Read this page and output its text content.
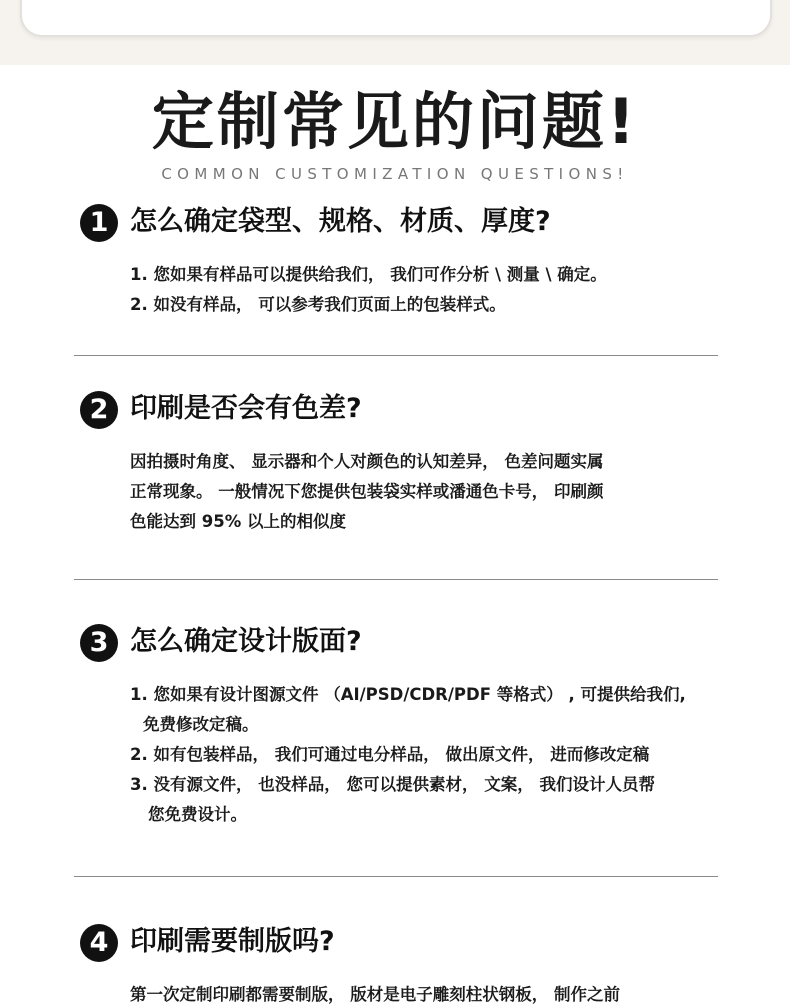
定制常见的问题!
COMMON CUSTOMIZATION QUESTIONS!
1 怎么确定袋型、规格、材质、厚度?
1. 您如果有样品可以提供给我们， 我们可作分析 \ 测量 \ 确定。
2. 如没有样品， 可以参考我们页面上的包装样式。
2 印刷是否会有色差?
因拍摄时角度、 显示器和个人对颜色的认知差异， 色差问题实属
正常现象。 一般情况下您提供包装袋实样或潘通色卡号， 印刷颜
色能达到 95% 以上的相似度
3 怎么确定设计版面?
1. 您如果有设计图源文件 （AI/PSD/CDR/PDF 等格式） , 可提供给我们,
免费修改定稿。
2. 如有包装样品， 我们可通过电分样品， 做出原文件， 进而修改定稿
3. 没有源文件， 也没样品， 您可以提供素材， 文案， 我们设计人员帮
您免费设计。
4 印刷需要制版吗?
第一次定制印刷都需要制版， 版材是电子雕刻柱状钢板， 制作之前
